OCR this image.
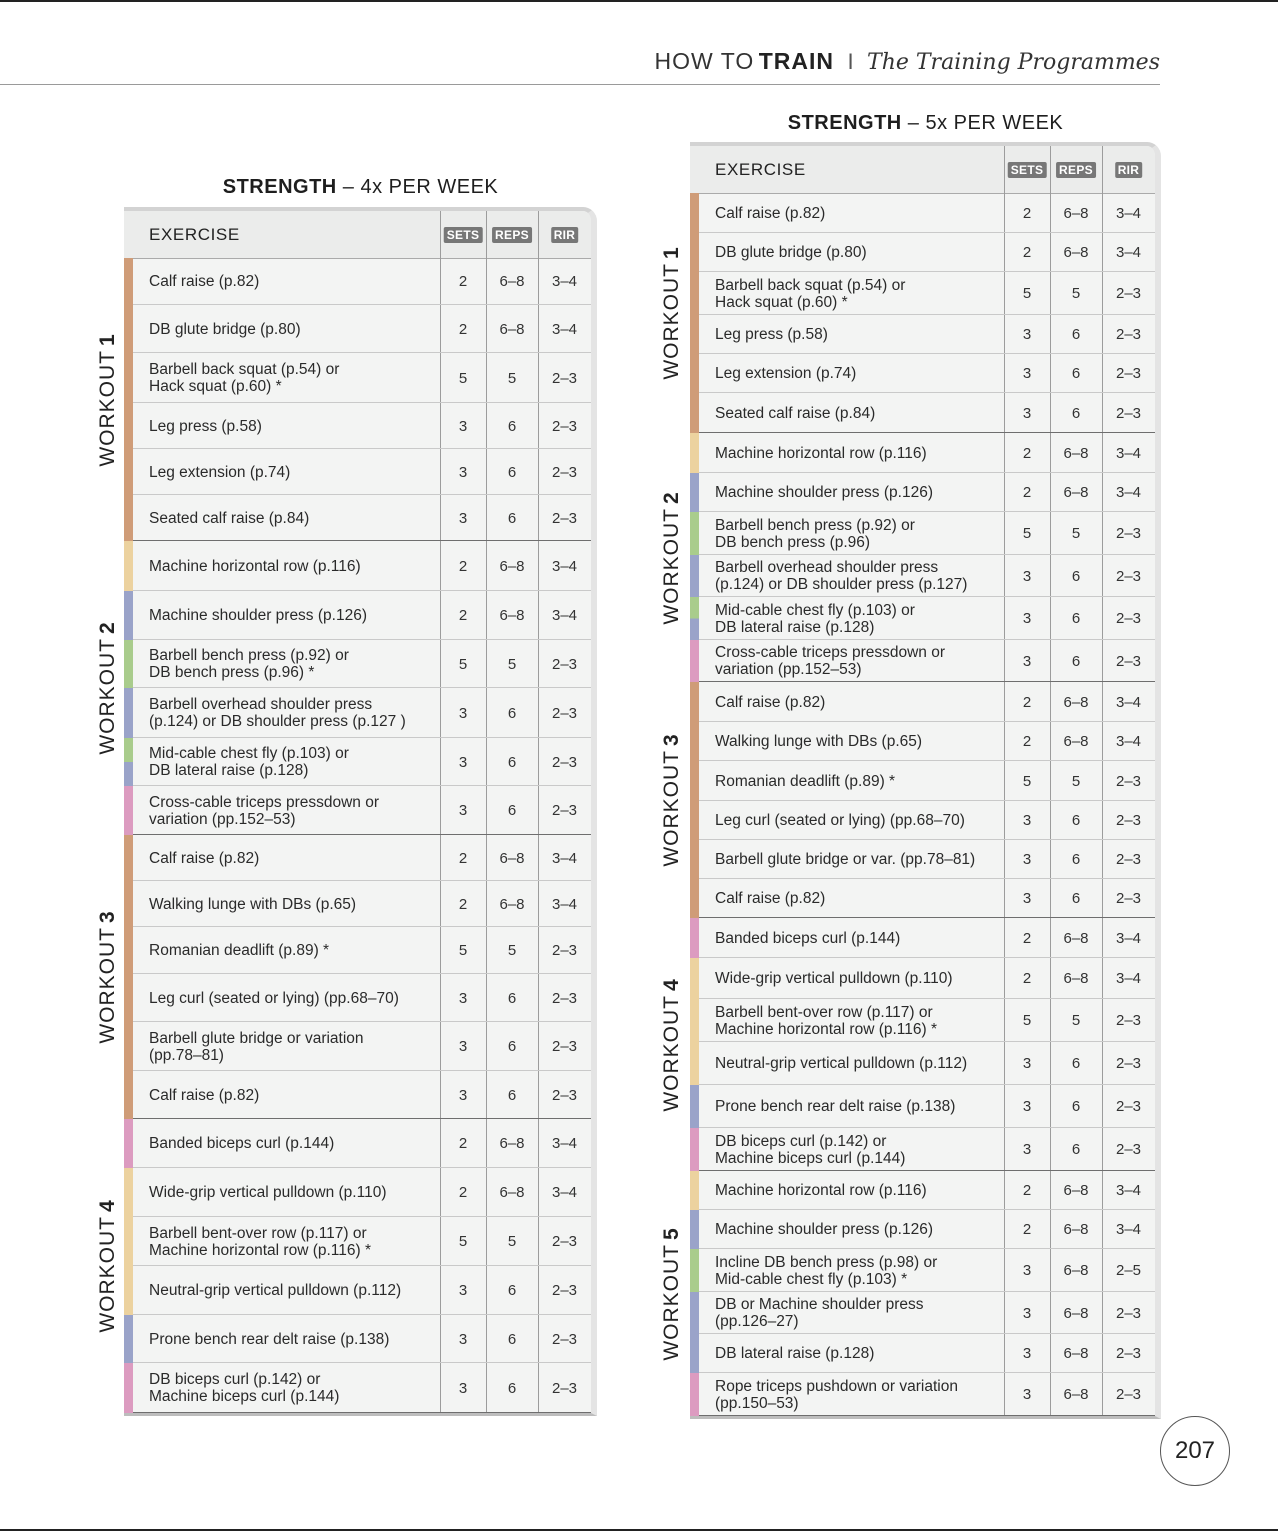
HOW TO TRAIN I The Training Programmes
STRENGTH – 4x PER WEEK
EXERCISE	SETS REPS RIR
Calf raise (p.82)	2	6–8	3–4
DB glute bridge (p.80)	2	6–8	3–4
Barbell back squat (p.54) or
Hack squat (p.60) *	5	5	2–3
Leg press (p.58)	3	6	2–3
Leg extension (p.74)	3	6	2–3
Seated calf raise (p.84)	3	6	2–3
Machine horizontal row (p.116)	2	6–8	3–4
Machine shoulder press (p.126)	2	6–8	3–4
Barbell bench press (p.92) or
DB bench press (p.96) *	5	5	2–3
Barbell overhead shoulder press
(p.124) or DB shoulder press (p.127 )	3	6	2–3
Mid-cable chest fly (p.103) or
DB lateral raise (p.128)	3	6	2–3
Cross-cable triceps pressdown or
variation (pp.152–53)	3	6	2–3
Calf raise (p.82)	2	6–8	3–4
Walking lunge with DBs (p.65)	2	6–8	3–4
Romanian deadlift (p.89) *	5	5	2–3
Leg curl (seated or lying) (pp.68–70)	3	6	2–3
Barbell glute bridge or variation
(pp.78–81)	3	6	2–3
Calf raise (p.82)	3	6	2–3
Banded biceps curl (p.144)	2	6–8	3–4
Wide-grip vertical pulldown (p.110)	2	6–8	3–4
Barbell bent-over row (p.117) or
Machine horizontal row (p.116) *	5	5	2–3
Neutral-grip vertical pulldown (p.112)	3	6	2–3
Prone bench rear delt raise (p.138)	3	6	2–3
DB biceps curl (p.142) or
Machine biceps curl (p.144)	3	6	2–3
STRENGTH – 5x PER WEEK
EXERCISE	SETS REPS RIR
Calf raise (p.82)	2	6–8	3–4
DB glute bridge (p.80)	2	6–8	3–4
Barbell back squat (p.54) or
Hack squat (p.60) *	5	5	2–3
Leg press (p.58)	3	6	2–3
Leg extension (p.74)	3	6	2–3
Seated calf raise (p.84)	3	6	2–3
Machine horizontal row (p.116)	2	6–8	3–4
Machine shoulder press (p.126)	2	6–8	3–4
Barbell bench press (p.92) or
DB bench press (p.96)	5	5	2–3
Barbell overhead shoulder press
(p.124) or DB shoulder press (p.127)	3	6	2–3
Mid-cable chest fly (p.103) or
DB lateral raise (p.128)	3	6	2–3
Cross-cable triceps pressdown or
variation (pp.152–53)	3	6	2–3
Calf raise (p.82)	2	6–8	3–4
Walking lunge with DBs (p.65)	2	6–8	3–4
Romanian deadlift (p.89) *	5	5	2–3
Leg curl (seated or lying) (pp.68–70)	3	6	2–3
Barbell glute bridge or var. (pp.78–81)	3	6	2–3
Calf raise (p.82)	3	6	2–3
Banded biceps curl (p.144)	2	6–8	3–4
Wide-grip vertical pulldown (p.110)	2	6–8	3–4
Barbell bent-over row (p.117) or
Machine horizontal row (p.116) *	5	5	2–3
Neutral-grip vertical pulldown (p.112)	3	6	2–3
Prone bench rear delt raise (p.138)	3	6	2–3
DB biceps curl (p.142) or
Machine biceps curl (p.144)	3	6	2–3
Machine horizontal row (p.116)	2	6–8	3–4
Machine shoulder press (p.126)	2	6–8	3–4
Incline DB bench press (p.98) or
Mid-cable chest fly (p.103) *	3	6–8	2–5
DB or Machine shoulder press
(pp.126–27)	3	6–8	2–3
DB lateral raise (p.128)	3	6–8	2–3
Rope triceps pushdown or variation
(pp.150–53)	3	6–8	2–3
207
WORKOUT1
WORKOUT2
WORKOUT3
WORKOUT4
WORKOUT1
WORKOUT2
WORKOUT3
WORKOUT4
WORKOUT5
